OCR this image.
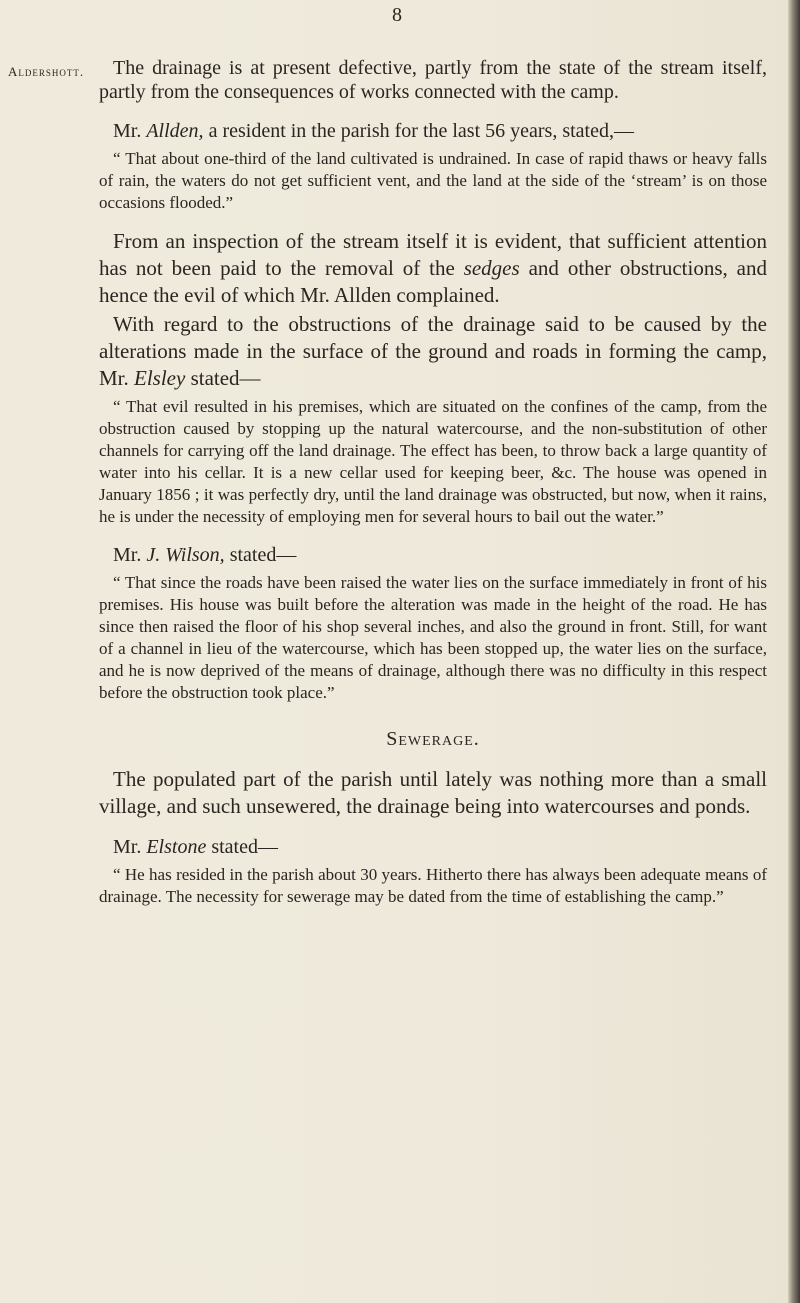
8
Aldershott.	The drainage is at present defective, partly from the state of the stream itself, partly from the consequences of works connected with the camp.

Mr. Allden, a resident in the parish for the last 56 years, stated,—

“ That about one-third of the land cultivated is undrained. In case of rapid thaws or heavy falls of rain, the waters do not get sufficient vent, and the land at the side of the ‘stream’ is on those occasions flooded.”

From an inspection of the stream itself it is evident, that sufficient attention has not been paid to the removal of the sedges and other obstructions, and hence the evil of which Mr. Allden complained.

With regard to the obstructions of the drainage said to be caused by the alterations made in the surface of the ground and roads in forming the camp, Mr. Elsley stated—

“ That evil resulted in his premises, which are situated on the confines of the camp, from the obstruction caused by stopping up the natural watercourse, and the non-substitution of other channels for carrying off the land drainage. The effect has been, to throw back a large quantity of water into his cellar. It is a new cellar used for keeping beer, &c. The house was opened in January 1856 ; it was perfectly dry, until the land drainage was obstructed, but now, when it rains, he is under the necessity of employing men for several hours to bail out the water.”

Mr. J. Wilson, stated—

“ That since the roads have been raised the water lies on the surface immediately in front of his premises. His house was built before the alteration was made in the height of the road. He has since then raised the floor of his shop several inches, and also the ground in front. Still, for want of a channel in lieu of the watercourse, which has been stopped up, the water lies on the surface, and he is now deprived of the means of drainage, although there was no difficulty in this respect before the obstruction took place.”

Sewerage.

The populated part of the parish until lately was nothing more than a small village, and such unsewered, the drainage being into watercourses and ponds.

Mr. Elstone stated—

“ He has resided in the parish about 30 years. Hitherto there has always been adequate means of drainage. The necessity for sewerage may be dated from the time of establishing the camp.”
